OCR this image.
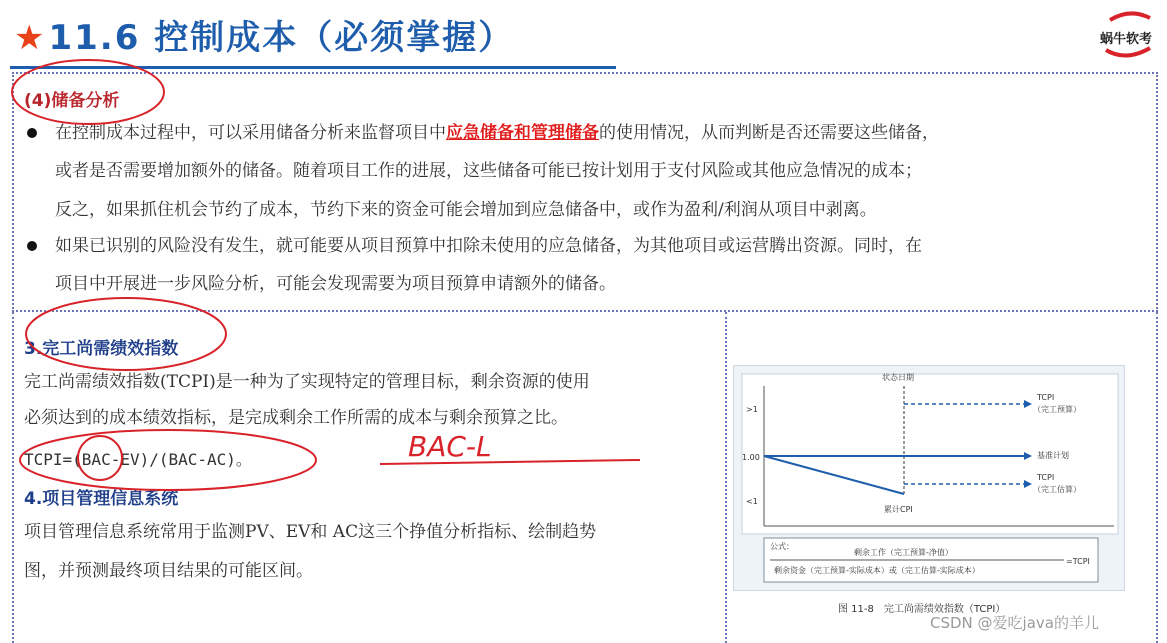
★11.6 控制成本（必须掌握）	蜗牛软考
(4)储备分析
在控制成本过程中，可以采用储备分析来监督项目中应急储备和管理储备的使用情况，从而判断是否还需要这些储备，
或者是否需要增加额外的储备。随着项目工作的进展，这些储备可能已按计划用于支付风险或其他应急情况的成本；
反之，如果抓住机会节约了成本，节约下来的资金可能会增加到应急储备中，或作为盈利/利润从项目中剥离。
如果已识别的风险没有发生，就可能要从项目预算中扣除未使用的应急储备，为其他项目或运营腾出资源。同时，在
项目中开展进一步风险分析，可能会发现需要为项目预算申请额外的储备。
3.完工尚需绩效指数
完工尚需绩效指数(TCPI)是一种为了实现特定的管理目标，剩余资源的使用
必须达到的成本绩效指标，是完成剩余工作所需的成本与剩余预算之比。
TCPI=(BAC-EV)/(BAC-AC)。
4.项目管理信息系统
项目管理信息系统常用于监测PV、EV和 AC这三个挣值分析指标、绘制趋势
图，并预测最终项目结果的可能区间。
BAC-L
>1
1.00
<1
状态日期
基准计划
累计CPI
TCPI
（完工预算）
TCPI
（完工估算）
公式：
剩余工作（完工预算-净值）
剩余资金（完工预算-实际成本）或（完工估算-实际成本）
=TCPI
图 11-8　完工尚需绩效指数（TCPI）
CSDN @爱吃java的羊儿
